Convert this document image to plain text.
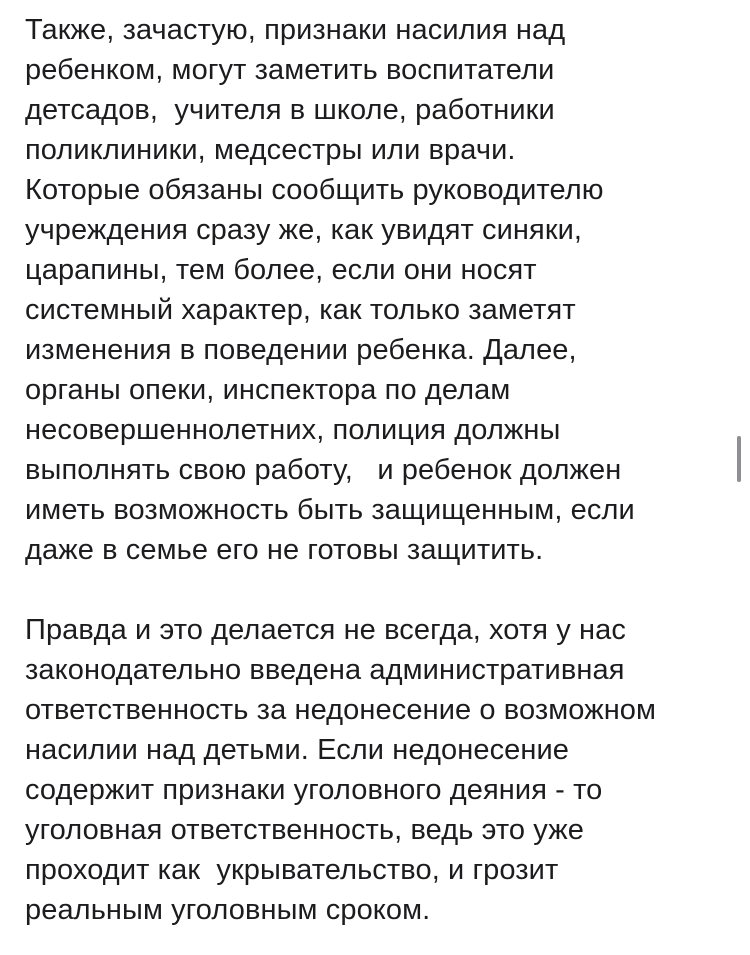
Также, зачастую, признаки насилия над
ребенком, могут заметить воспитатели
детсадов,  учителя в школе, работники
поликлиники, медсестры или врачи.
Которые обязаны сообщить руководителю
учреждения сразу же, как увидят синяки,
царапины, тем более, если они носят
системный характер, как только заметят
изменения в поведении ребенка. Далее,
органы опеки, инспектора по делам
несовершеннолетних, полиция должны
выполнять свою работу,   и ребенок должен
иметь возможность быть защищенным, если
даже в семье его не готовы защитить.
Правда и это делается не всегда, хотя у нас
законодательно введена административная
ответственность за недонесение о возможном
насилии над детьми. Если недонесение
содержит признаки уголовного деяния - то
уголовная ответственность, ведь это уже
проходит как  укрывательство, и грозит
реальным уголовным сроком.
